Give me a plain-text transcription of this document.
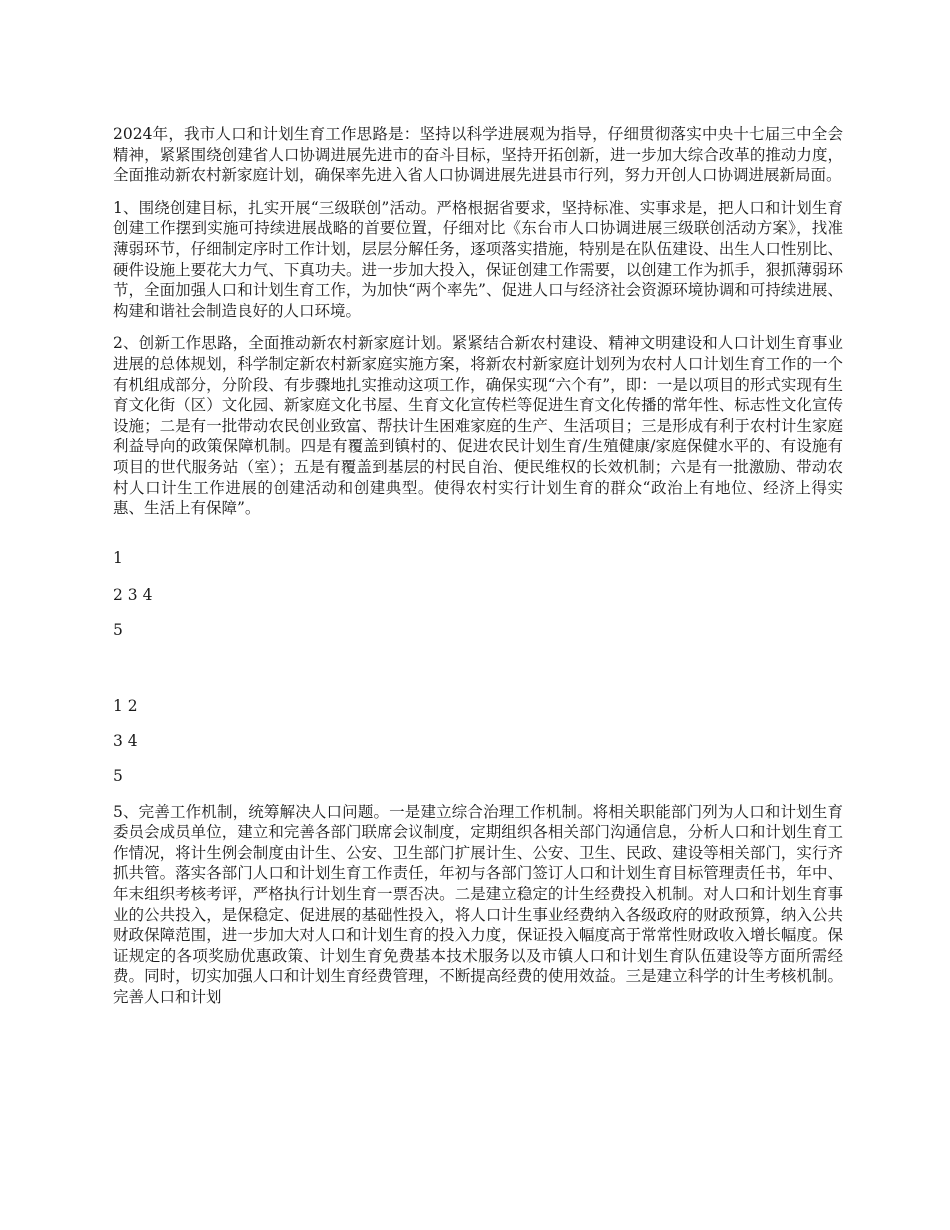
2024年，我市人口和计划生育工作思路是：坚持以科学进展观为指导，仔细贯彻落实中央十七届三中全会精神，紧紧围绕创建省人口协调进展先进市的奋斗目标，坚持开拓创新，进一步加大综合改革的推动力度，全面推动新农村新家庭计划，确保率先进入省人口协调进展先进县市行列，努力开创人口协调进展新局面。

1、围绕创建目标，扎实开展“三级联创”活动。严格根据省要求，坚持标准、实事求是，把人口和计划生育创建工作摆到实施可持续进展战略的首要位置，仔细对比《东台市人口协调进展三级联创活动方案》，找准薄弱环节，仔细制定序时工作计划，层层分解任务，逐项落实措施，特别是在队伍建设、出生人口性别比、硬件设施上要花大力气、下真功夫。进一步加大投入，保证创建工作需要，以创建工作为抓手，狠抓薄弱环节，全面加强人口和计划生育工作，为加快“两个率先”、促进人口与经济社会资源环境协调和可持续进展、构建和谐社会制造良好的人口环境。

2、创新工作思路，全面推动新农村新家庭计划。紧紧结合新农村建设、精神文明建设和人口计划生育事业进展的总体规划，科学制定新农村新家庭实施方案，将新农村新家庭计划列为农村人口计划生育工作的一个有机组成部分，分阶段、有步骤地扎实推动这项工作，确保实现“六个有”，即：一是以项目的形式实现有生育文化街（区）文化园、新家庭文化书屋、生育文化宣传栏等促进生育文化传播的常年性、标志性文化宣传设施；二是有一批带动农民创业致富、帮扶计生困难家庭的生产、生活项目；三是形成有利于农村计生家庭利益导向的政策保障机制。四是有覆盖到镇村的、促进农民计划生育/生殖健康/家庭保健水平的、有设施有项目的世代服务站（室）；五是有覆盖到基层的村民自治、便民维权的长效机制；六是有一批激励、带动农村人口计生工作进展的创建活动和创建典型。使得农村实行计划生育的群众“政治上有地位、经济上得实惠、生活上有保障”。

1

2 3 4

5

1 2

3 4

5

5、完善工作机制，统筹解决人口问题。一是建立综合治理工作机制。将相关职能部门列为人口和计划生育委员会成员单位，建立和完善各部门联席会议制度，定期组织各相关部门沟通信息，分析人口和计划生育工作情况，将计生例会制度由计生、公安、卫生部门扩展计生、公安、卫生、民政、建设等相关部门，实行齐抓共管。落实各部门人口和计划生育工作责任，年初与各部门签订人口和计划生育目标管理责任书，年中、年末组织考核考评，严格执行计划生育一票否决。二是建立稳定的计生经费投入机制。对人口和计划生育事业的公共投入，是保稳定、促进展的基础性投入，将人口计生事业经费纳入各级政府的财政预算，纳入公共财政保障范围，进一步加大对人口和计划生育的投入力度，保证投入幅度高于常常性财政收入增长幅度。保证规定的各项奖励优惠政策、计划生育免费基本技术服务以及市镇人口和计划生育队伍建设等方面所需经费。同时，切实加强人口和计划生育经费管理，不断提高经费的使用效益。三是建立科学的计生考核机制。完善人口和计划
